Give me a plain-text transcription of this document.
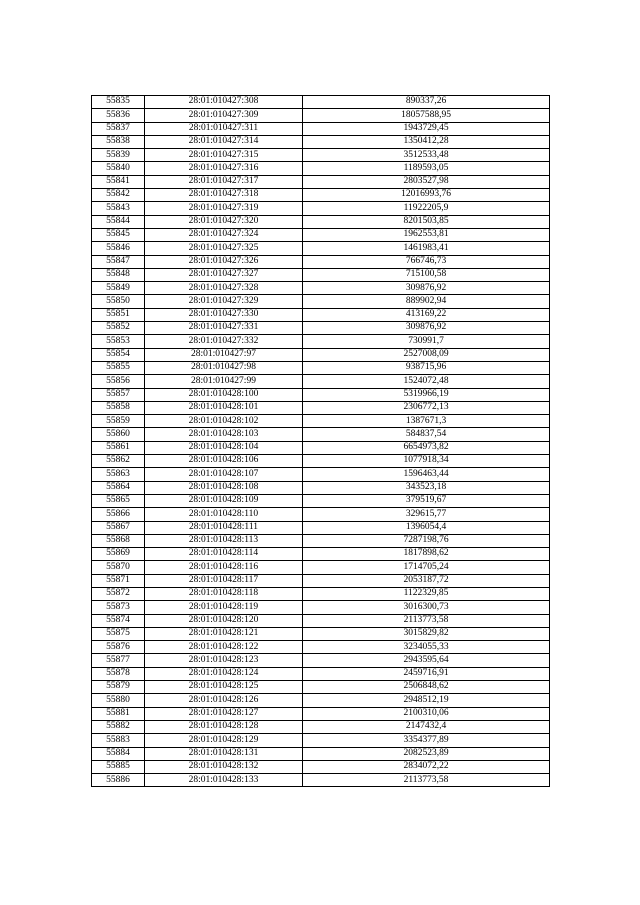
55835	28:01:010427:308	890337,26
55836	28:01:010427:309	18057588,95
55837	28:01:010427:311	1943729,45
55838	28:01:010427:314	1350412,28
55839	28:01:010427:315	3512533,48
55840	28:01:010427:316	1189593,05
55841	28:01:010427:317	2803527,98
55842	28:01:010427:318	12016993,76
55843	28:01:010427:319	11922205,9
55844	28:01:010427:320	8201503,85
55845	28:01:010427:324	1962553,81
55846	28:01:010427:325	1461983,41
55847	28:01:010427:326	766746,73
55848	28:01:010427:327	715100,58
55849	28:01:010427:328	309876,92
55850	28:01:010427:329	889902,94
55851	28:01:010427:330	413169,22
55852	28:01:010427:331	309876,92
55853	28:01:010427:332	730991,7
55854	28:01:010427:97	2527008,09
55855	28:01:010427:98	938715,96
55856	28:01:010427:99	1524072,48
55857	28:01:010428:100	5319966,19
55858	28:01:010428:101	2306772,13
55859	28:01:010428:102	1387671,3
55860	28:01:010428:103	584837,54
55861	28:01:010428:104	6654973,82
55862	28:01:010428:106	1077918,34
55863	28:01:010428:107	1596463,44
55864	28:01:010428:108	343523,18
55865	28:01:010428:109	379519,67
55866	28:01:010428:110	329615,77
55867	28:01:010428:111	1396054,4
55868	28:01:010428:113	7287198,76
55869	28:01:010428:114	1817898,62
55870	28:01:010428:116	1714705,24
55871	28:01:010428:117	2053187,72
55872	28:01:010428:118	1122329,85
55873	28:01:010428:119	3016300,73
55874	28:01:010428:120	2113773,58
55875	28:01:010428:121	3015829,82
55876	28:01:010428:122	3234055,33
55877	28:01:010428:123	2943595,64
55878	28:01:010428:124	2459716,91
55879	28:01:010428:125	2506848,62
55880	28:01:010428:126	2948512,19
55881	28:01:010428:127	2100310,06
55882	28:01:010428:128	2147432,4
55883	28:01:010428:129	3354377,89
55884	28:01:010428:131	2082523,89
55885	28:01:010428:132	2834072,22
55886	28:01:010428:133	2113773,58
